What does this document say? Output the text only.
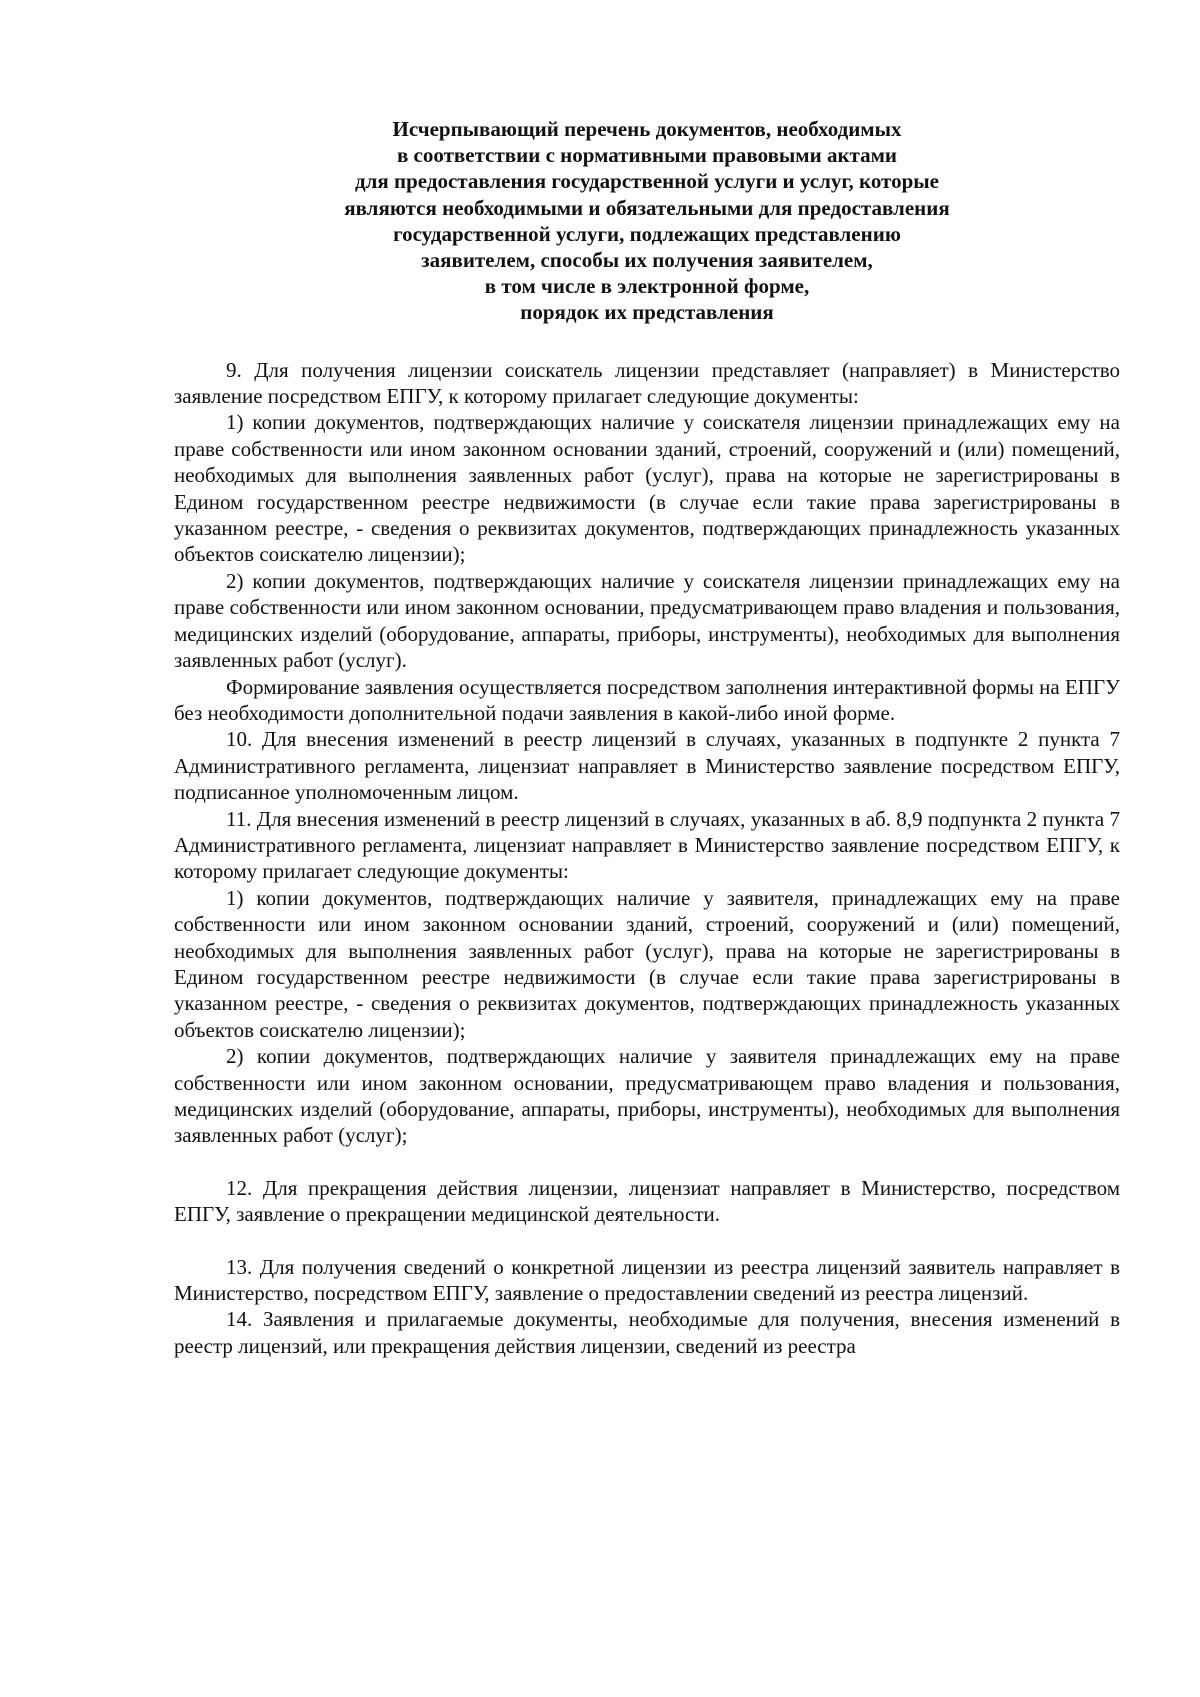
Исчерпывающий перечень документов, необходимых
в соответствии с нормативными правовыми актами
для предоставления государственной услуги и услуг, которые
являются необходимыми и обязательными для предоставления
государственной услуги, подлежащих представлению
заявителем, способы их получения заявителем,
в том числе в электронной форме,
порядок их представления

9. Для получения лицензии соискатель лицензии представляет (направляет) в Министерство заявление посредством ЕПГУ, к которому прилагает следующие документы:

1) копии документов, подтверждающих наличие у соискателя лицензии принадлежащих ему на праве собственности или ином законном основании зданий, строений, сооружений и (или) помещений, необходимых для выполнения заявленных работ (услуг), права на которые не зарегистрированы в Едином государственном реестре недвижимости (в случае если такие права зарегистрированы в указанном реестре, - сведения о реквизитах документов, подтверждающих принадлежность указанных объектов соискателю лицензии);

2) копии документов, подтверждающих наличие у соискателя лицензии принадлежащих ему на праве собственности или ином законном основании, предусматривающем право владения и пользования, медицинских изделий (оборудование, аппараты, приборы, инструменты), необходимых для выполнения заявленных работ (услуг).

Формирование заявления осуществляется посредством заполнения интерактивной формы на ЕПГУ без необходимости дополнительной подачи заявления в какой-либо иной форме.

10. Для внесения изменений в реестр лицензий в случаях, указанных в подпункте 2 пункта 7 Административного регламента, лицензиат направляет в Министерство заявление посредством ЕПГУ, подписанное уполномоченным лицом.

11. Для внесения изменений в реестр лицензий в случаях, указанных в аб. 8,9 подпункта 2 пункта 7 Административного регламента, лицензиат направляет в Министерство заявление посредством ЕПГУ, к которому прилагает следующие документы:

1) копии документов, подтверждающих наличие у заявителя, принадлежащих ему на праве собственности или ином законном основании зданий, строений, сооружений и (или) помещений, необходимых для выполнения заявленных работ (услуг), права на которые не зарегистрированы в Едином государственном реестре недвижимости (в случае если такие права зарегистрированы в указанном реестре, - сведения о реквизитах документов, подтверждающих принадлежность указанных объектов соискателю лицензии);

2) копии документов, подтверждающих наличие у заявителя принадлежащих ему на праве собственности или ином законном основании, предусматривающем право владения и пользования, медицинских изделий (оборудование, аппараты, приборы, инструменты), необходимых для выполнения заявленных работ (услуг);

12. Для прекращения действия лицензии, лицензиат направляет в Министерство, посредством ЕПГУ, заявление о прекращении медицинской деятельности.

13. Для получения сведений о конкретной лицензии из реестра лицензий заявитель направляет в Министерство, посредством ЕПГУ, заявление о предоставлении сведений из реестра лицензий.

14. Заявления и прилагаемые документы, необходимые для получения, внесения изменений в реестр лицензий, или прекращения действия лицензии, сведений из реестра
